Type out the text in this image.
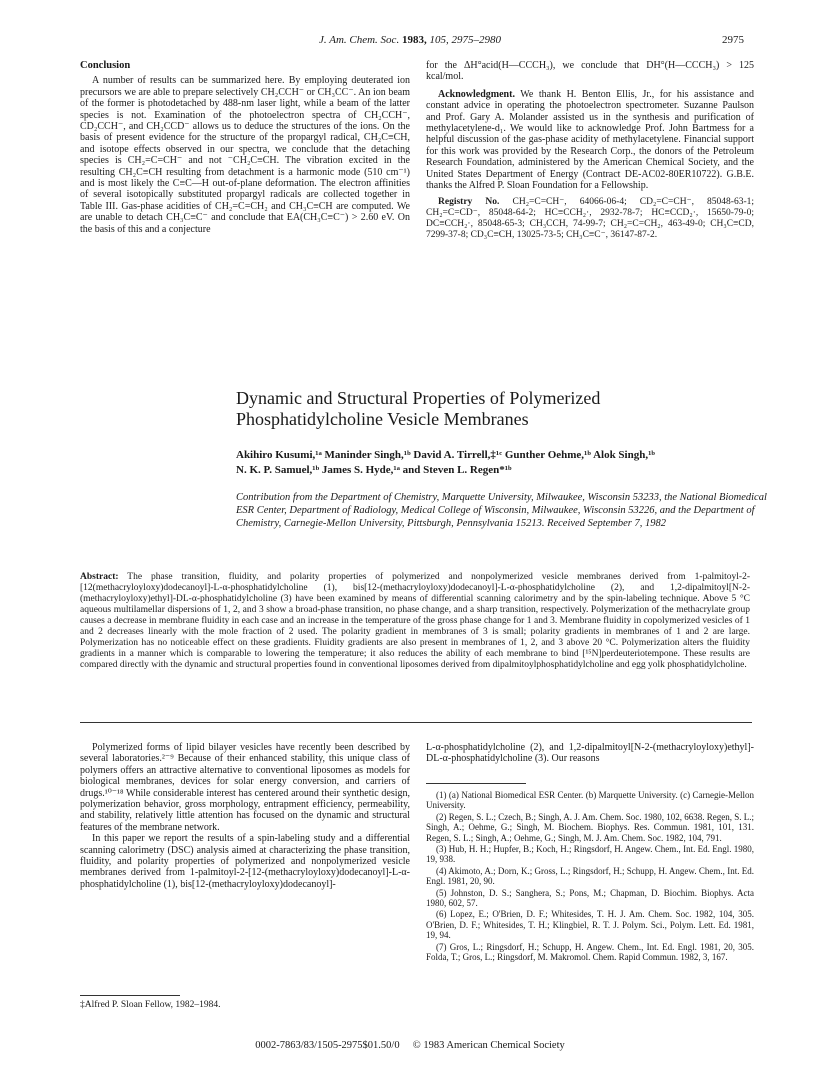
J. Am. Chem. Soc. 1983, 105, 2975–2980	2975
Conclusion

A number of results can be summarized here. By employing deuterated ion precursors we are able to prepare selectively CH₂CCH⁻ or CH₃CC⁻. An ion beam of the former is photodetached by 488-nm laser light, while a beam of the latter species is not. Examination of the photoelectron spectra of CH₂CCH⁻, CD₂CCH⁻, and CH₂CCD⁻ allows us to deduce the structures of the ions. On the basis of present evidence for the structure of the propargyl radical, CH₂C≡CH, and isotope effects observed in our spectra, we conclude that the detaching species is CH₂=C=CH⁻ and not ⁻CH₂C≡CH. The vibration excited in the resulting CH₂C≡CH resulting from detachment is a harmonic mode (510 cm⁻¹) and is most likely the C≡C—H out-of-plane deformation. The electron affinities of several isotopically substituted propargyl radicals are collected together in Table III. Gas-phase acidities of CH₂=C=CH₂ and CH₃C≡CH are computed. We are unable to detach CH₃C≡C⁻ and conclude that EA(CH₃C≡C⁻) > 2.60 eV. On the basis of this and a conjecture

for the ΔH°acid(H—CCCH₃), we conclude that DH°(H—CCCH₃) > 125 kcal/mol.

Acknowledgment. We thank H. Benton Ellis, Jr., for his assistance and constant advice in operating the photoelectron spectrometer. Suzanne Paulson and Prof. Gary A. Molander assisted us in the synthesis and purification of methylacetylene-d₁. We would like to acknowledge Prof. John Bartmess for a helpful discussion of the gas-phase acidity of methylacetylene. Financial support for this work was provided by the Research Corp., the donors of the Petroleum Research Foundation, administered by the American Chemical Society, and the United States Department of Energy (Contract DE-AC02-80ER10722). G.B.E. thanks the Alfred P. Sloan Foundation for a Fellowship.

Registry No. CH₂=C=CH⁻, 64066-06-4; CD₂=C=CH⁻, 85048-63-1; CH₂=C=CD⁻, 85048-64-2; HC≡CCH₂·, 2932-78-7; HC≡CCD₂·, 15650-79-0; DC≡CCH₂·, 85048-65-3; CH₃CCH, 74-99-7; CH₂=C=CH₂, 463-49-0; CH₃C≡CD, 7299-37-8; CD₃C≡CH, 13025-73-5; CH₃C≡C⁻, 36147-87-2.

Dynamic and Structural Properties of Polymerized
Phosphatidylcholine Vesicle Membranes
Akihiro Kusumi,¹ᵃ Maninder Singh,¹ᵇ David A. Tirrell,‡¹ᶜ Gunther Oehme,¹ᵇ Alok Singh,¹ᵇ
N. K. P. Samuel,¹ᵇ James S. Hyde,¹ᵃ and Steven L. Regen*¹ᵇ
Contribution from the Department of Chemistry, Marquette University, Milwaukee, Wisconsin 53233, the National Biomedical ESR Center, Department of Radiology, Medical College of Wisconsin, Milwaukee, Wisconsin 53226, and the Department of Chemistry, Carnegie-Mellon University, Pittsburgh, Pennsylvania 15213. Received September 7, 1982
Abstract: The phase transition, fluidity, and polarity properties of polymerized and nonpolymerized vesicle membranes derived from 1-palmitoyl-2-[12(methacryloyloxy)dodecanoyl]-L-α-phosphatidylcholine (1), bis[12-(methacryloyloxy)dodecanoyl]-L-α-phosphatidylcholine (2), and 1,2-dipalmitoyl[N-2-(methacryloyloxy)ethyl]-DL-α-phosphatidylcholine (3) have been examined by means of differential scanning calorimetry and by the spin-labeling technique. Above 5 °C aqueous multilamellar dispersions of 1, 2, and 3 show a broad-phase transition, no phase change, and a sharp transition, respectively. Polymerization of the methacrylate group causes a decrease in membrane fluidity in each case and an increase in the temperature of the gross phase change for 1 and 3. Membrane fluidity in copolymerized vesicles of 1 and 2 decreases linearly with the mole fraction of 2 used. The polarity gradient in membranes of 3 is small; polarity gradients in membranes of 1 and 2 are large. Polymerization has no noticeable effect on these gradients. Fluidity gradients are also present in membranes of 1, 2, and 3 above 20 °C. Polymerization alters the fluidity gradients in a manner which is comparable to lowering the temperature; it also reduces the ability of each membrane to bind [¹⁵N]perdeuteriotempone. These results are compared directly with the dynamic and structural properties found in conventional liposomes derived from dipalmitoylphosphatidylcholine and egg yolk phosphatidylcholine.

Polymerized forms of lipid bilayer vesicles have recently been described by several laboratories.²⁻⁹ Because of their enhanced stability, this unique class of polymers offers an attractive alternative to conventional liposomes as models for biological membranes, devices for solar energy conversion, and carriers of drugs.¹⁰⁻¹⁸ While considerable interest has centered around their synthetic design, polymerization behavior, gross morphology, entrapment efficiency, permeability, and stability, relatively little attention has focused on the dynamic and structural features of the membrane network.

In this paper we report the results of a spin-labeling study and a differential scanning calorimetry (DSC) analysis aimed at characterizing the phase transition, fluidity, and polarity properties of polymerized and nonpolymerized vesicle membranes derived from 1-palmitoyl-2-[12-(methacryloyloxy)dodecanoyl]-L-α-phosphatidylcholine (1), bis[12-(methacryloyloxy)dodecanoyl]-

‡Alfred P. Sloan Fellow, 1982–1984.

L-α-phosphatidylcholine (2), and 1,2-dipalmitoyl[N-2-(methacryloyloxy)ethyl]-DL-α-phosphatidylcholine (3). Our reasons

(1) (a) National Biomedical ESR Center. (b) Marquette University. (c) Carnegie-Mellon University.

(2) Regen, S. L.; Czech, B.; Singh, A. J. Am. Chem. Soc. 1980, 102, 6638. Regen, S. L.; Singh, A.; Oehme, G.; Singh, M. Biochem. Biophys. Res. Commun. 1981, 101, 131. Regen, S. L.; Singh, A.; Oehme, G.; Singh, M. J. Am. Chem. Soc. 1982, 104, 791.

(3) Hub, H. H.; Hupfer, B.; Koch, H.; Ringsdorf, H. Angew. Chem., Int. Ed. Engl. 1980, 19, 938.

(4) Akimoto, A.; Dorn, K.; Gross, L.; Ringsdorf, H.; Schupp, H. Angew. Chem., Int. Ed. Engl. 1981, 20, 90.

(5) Johnston, D. S.; Sanghera, S.; Pons, M.; Chapman, D. Biochim. Biophys. Acta 1980, 602, 57.

(6) Lopez, E.; O'Brien, D. F.; Whitesides, T. H. J. Am. Chem. Soc. 1982, 104, 305. O'Brien, D. F.; Whitesides, T. H.; Klingbiel, R. T. J. Polym. Sci., Polym. Lett. Ed. 1981, 19, 94.

(7) Gros, L.; Ringsdorf, H.; Schupp, H. Angew. Chem., Int. Ed. Engl. 1981, 20, 305. Folda, T.; Gros, L.; Ringsdorf, M. Makromol. Chem. Rapid Commun. 1982, 3, 167.

0002-7863/83/1505-2975$01.50/0 © 1983 American Chemical Society
